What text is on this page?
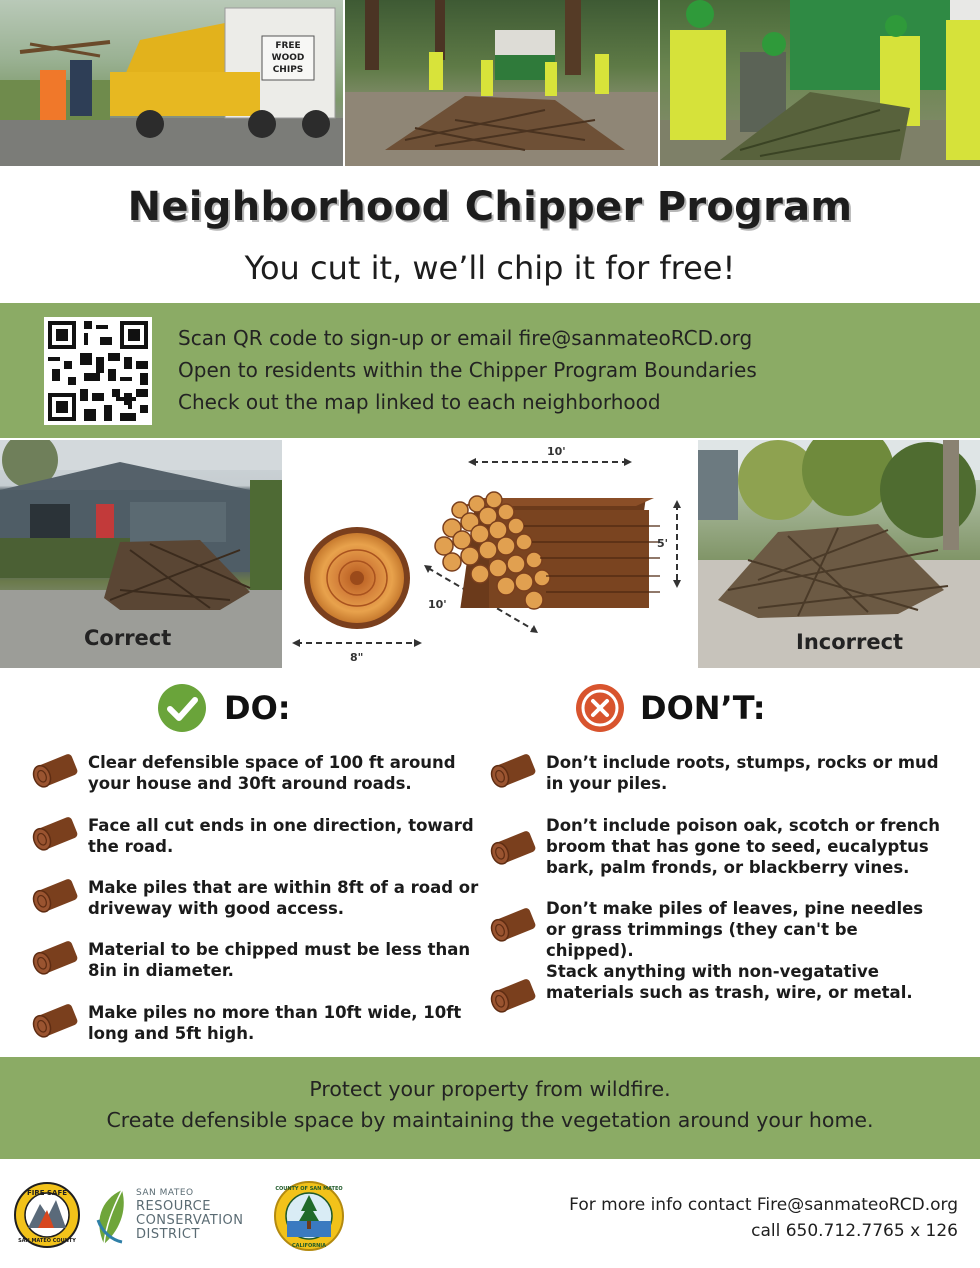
FREE
WOOD
CHIPS
Neighborhood Chipper Program
You cut it, we’ll chip it for free!
Scan QR code to sign-up or email fire@sanmateoRCD.org
Open to residents within the Chipper Program Boundaries
Check out the map linked to each neighborhood
Correct
10'
5'
10'
8"
Incorrect
DO:
Clear defensible space of 100 ft around your house and 30ft around roads.
Face all cut ends in one direction, toward the road.
Make piles that are within 8ft of a road or driveway with good access.
Material to be chipped must be less than 8in in diameter.
Make piles no more than 10ft wide, 10ft long and 5ft high.
DON’T:
Don’t include roots, stumps, rocks or mud in your piles.
Don’t include poison oak, scotch or french broom that has gone to seed, eucalyptus bark, palm fronds, or blackberry vines.
Don’t make piles of leaves, pine needles or grass trimmings (they can't be chipped).
Stack anything with non-vegatative materials such as trash, wire, or metal.
Protect your property from wildfire.
Create defensible space by maintaining the vegetation around your home.
FIRE SAFE
SAN MATEO COUNTY
SAN MATEO
RESOURCE
CONSERVATION
DISTRICT
COUNTY OF SAN MATEO
CALIFORNIA
For more info contact Fire@sanmateoRCD.org
call 650.712.7765 x 126
